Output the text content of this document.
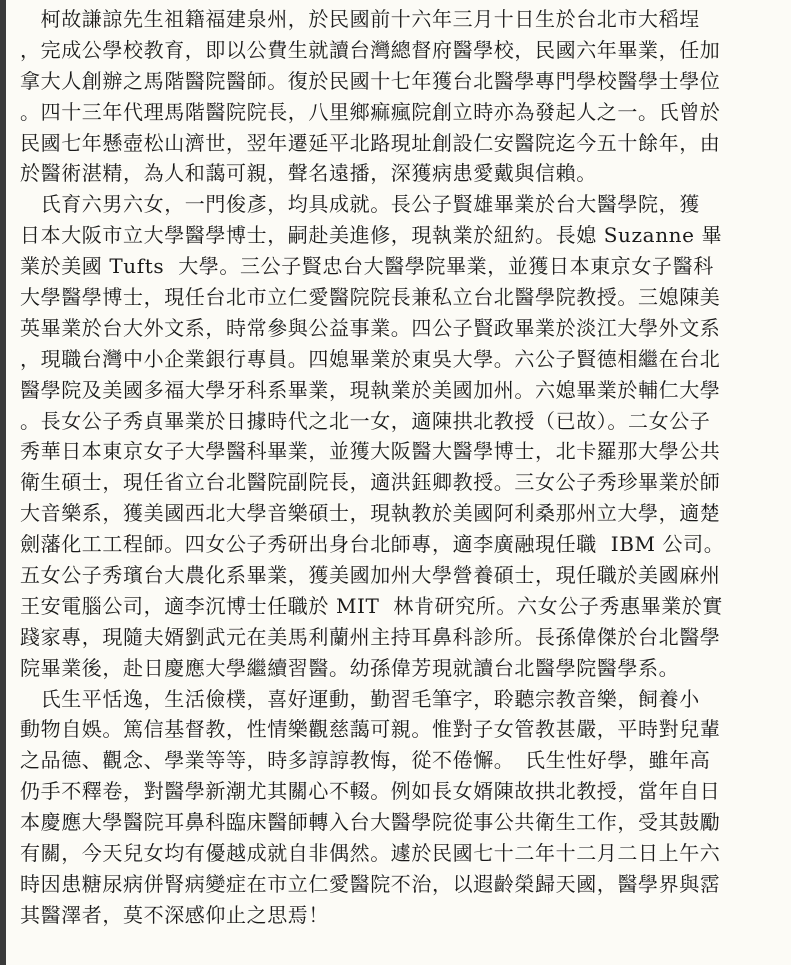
　柯故謙諒先生祖籍福建泉州，於民國前十六年三月十日生於台北市大稻埕
，完成公學校教育，即以公費生就讀台灣總督府醫學校，民國六年畢業，任加
拿大人創辦之馬階醫院醫師。復於民國十七年獲台北醫學專門學校醫學士學位
。四十三年代理馬階醫院院長，八里鄉痲瘋院創立時亦為發起人之一。氏曾於
民國七年懸壺松山濟世，翌年遷延平北路現址創設仁安醫院迄今五十餘年，由
於醫術湛精，為人和藹可親，聲名遠播，深獲病患愛戴與信賴。
　氏育六男六女，一門俊彥，均具成就。長公子賢雄畢業於台大醫學院，獲
日本大阪市立大學醫學博士，嗣赴美進修，現執業於紐約。長媳 Suzanne 畢
業於美國 Tufts  大學。三公子賢忠台大醫學院畢業，並獲日本東京女子醫科
大學醫學博士，現任台北市立仁愛醫院院長兼私立台北醫學院教授。三媳陳美
英畢業於台大外文系，時常參與公益事業。四公子賢政畢業於淡江大學外文系
，現職台灣中小企業銀行專員。四媳畢業於東吳大學。六公子賢德相繼在台北
醫學院及美國多福大學牙科系畢業，現執業於美國加州。六媳畢業於輔仁大學
。長女公子秀貞畢業於日據時代之北一女，適陳拱北教授（已故）。二女公子
秀華日本東京女子大學醫科畢業，並獲大阪醫大醫學博士，北卡羅那大學公共
衛生碩士，現任省立台北醫院副院長，適洪鈺卿教授。三女公子秀珍畢業於師
大音樂系，獲美國西北大學音樂碩士，現執教於美國阿利桑那州立大學，適楚
劍藩化工工程師。四女公子秀研出身台北師專，適李廣融現任職  IBM 公司。
五女公子秀璸台大農化系畢業，獲美國加州大學營養碩士，現任職於美國麻州
王安電腦公司，適李沉博士任職於 MIT  林肯研究所。六女公子秀惠畢業於實
踐家專，現隨夫婿劉武元在美馬利蘭州主持耳鼻科診所。長孫偉傑於台北醫學
院畢業後，赴日慶應大學繼續習醫。幼孫偉芳現就讀台北醫學院醫學系。
　氏生平恬逸，生活儉樸，喜好運動，勤習毛筆字，聆聽宗教音樂，飼養小
動物自娛。篤信基督教，性情樂觀慈藹可親。惟對子女管教甚嚴，平時對兒輩
之品德、觀念、學業等等，時多諄諄教悔，從不倦懈。　氏生性好學，雖年高
仍手不釋卷，對醫學新潮尤其關心不輟。例如長女婿陳故拱北教授，當年自日
本慶應大學醫院耳鼻科臨床醫師轉入台大醫學院從事公共衛生工作，受其鼓勵
有關，今天兒女均有優越成就自非偶然。遽於民國七十二年十二月二日上午六
時因患糖尿病併腎病變症在市立仁愛醫院不治，以遐齡榮歸天國，醫學界與霑
其醫澤者，莫不深感仰止之思焉！
